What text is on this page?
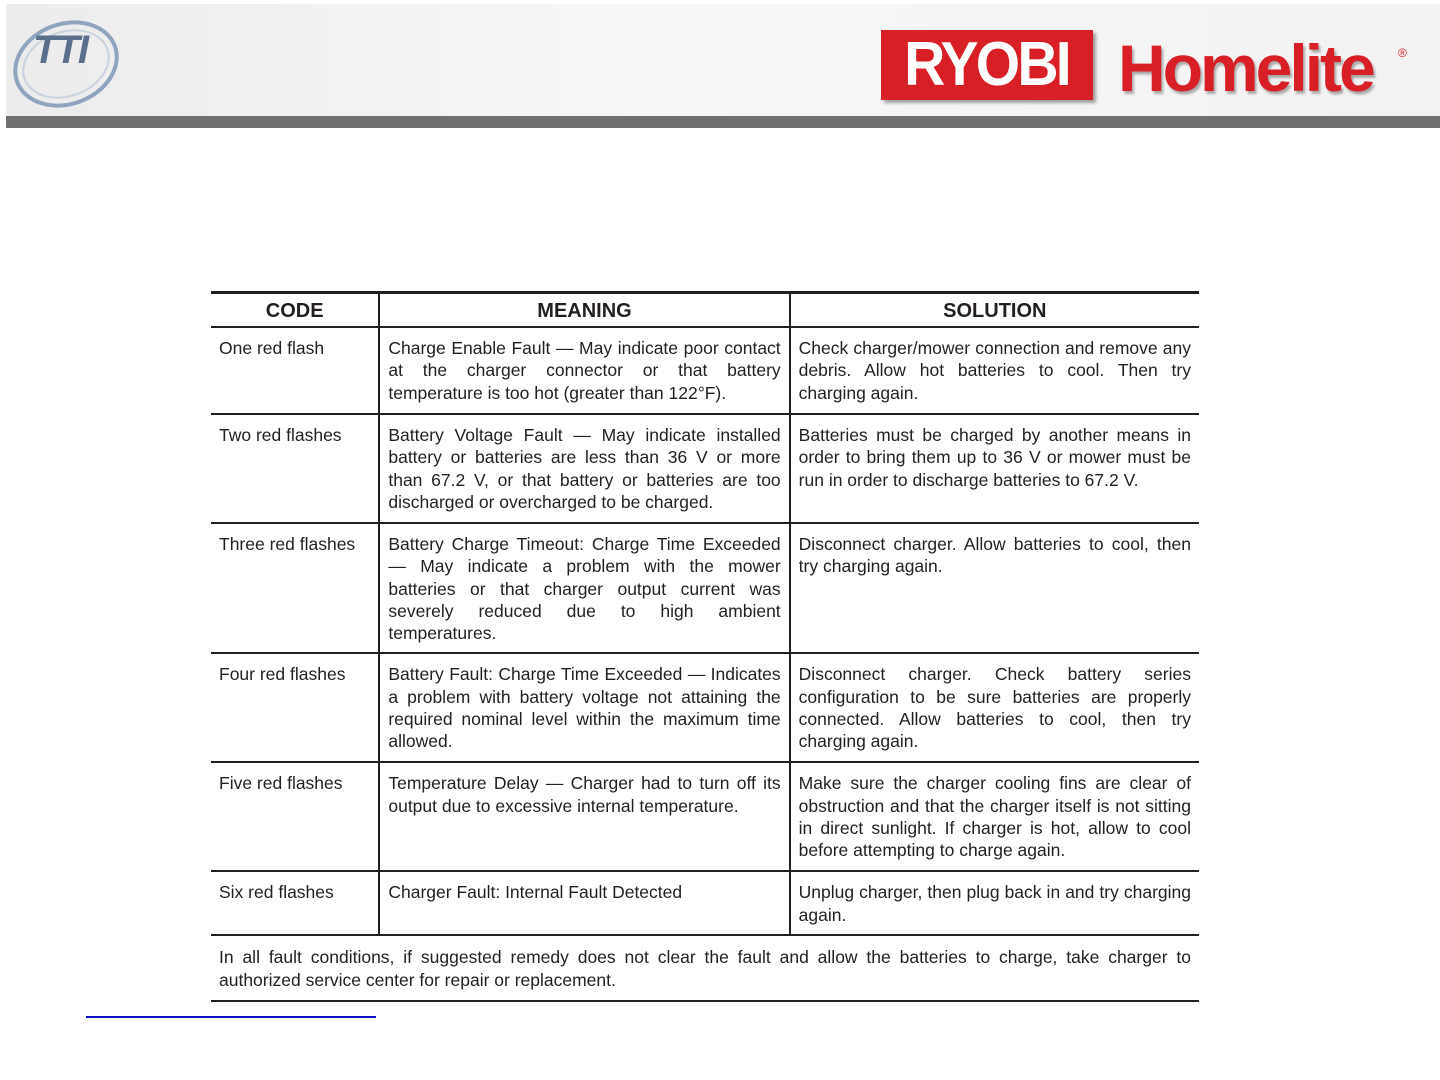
TTI	RYOBI Homelite ®
CODE	MEANING	SOLUTION
One red flash	Charge Enable Fault — May indicate poor contact at the charger connector or that battery temperature is too hot (greater than 122°F).	Check charger/mower connection and remove any debris. Allow hot batteries to cool. Then try charging again.
Two red flashes	Battery Voltage Fault — May indicate installed battery or batteries are less than 36 V or more than 67.2 V, or that battery or batteries are too discharged or overcharged to be charged.	Batteries must be charged by another means in order to bring them up to 36 V or mower must be run in order to discharge batteries to 67.2 V.
Three red flashes	Battery Charge Timeout: Charge Time Exceeded — May indicate a problem with the mower batteries or that charger output current was severely reduced due to high ambient temperatures.	Disconnect charger. Allow batteries to cool, then try charging again.
Four red flashes	Battery Fault: Charge Time Exceeded — Indicates a problem with battery voltage not attaining the required nominal level within the maximum time allowed.	Disconnect charger. Check battery series configuration to be sure batteries are properly connected. Allow batteries to cool, then try charging again.
Five red flashes	Temperature Delay — Charger had to turn off its output due to excessive internal temperature.	Make sure the charger cooling fins are clear of obstruction and that the charger itself is not sitting in direct sunlight. If charger is hot, allow to cool before attempting to charge again.
Six red flashes	Charger Fault: Internal Fault Detected	Unplug charger, then plug back in and try charging again.
In all fault conditions, if suggested remedy does not clear the fault and allow the batteries to charge, take charger to authorized service center for repair or replacement.		
